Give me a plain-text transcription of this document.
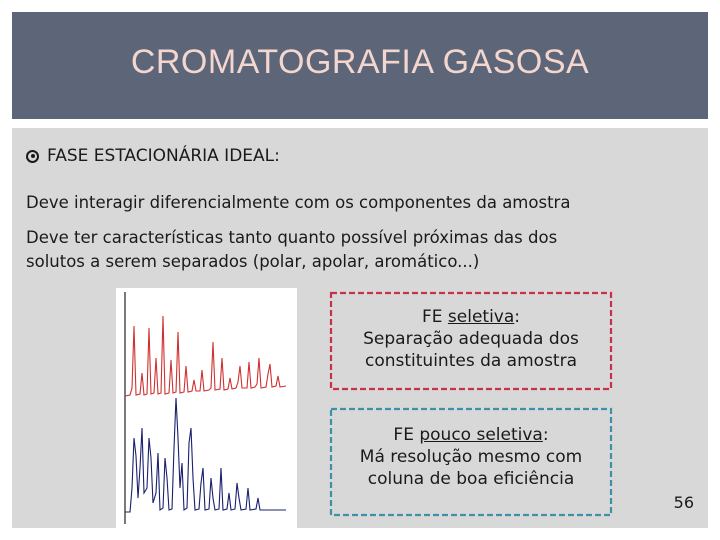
CROMATOGRAFIA GASOSA
FASE ESTACIONÁRIA IDEAL:
Deve interagir diferencialmente com os componentes da amostra
Deve ter características tanto quanto possível próximas das dos
solutos a serem separados (polar, apolar, aromático...)
FE seletiva:
Separação adequada dos
constituintes da amostra
FE pouco seletiva:
Má resolução mesmo com
coluna de boa eficiência
56
